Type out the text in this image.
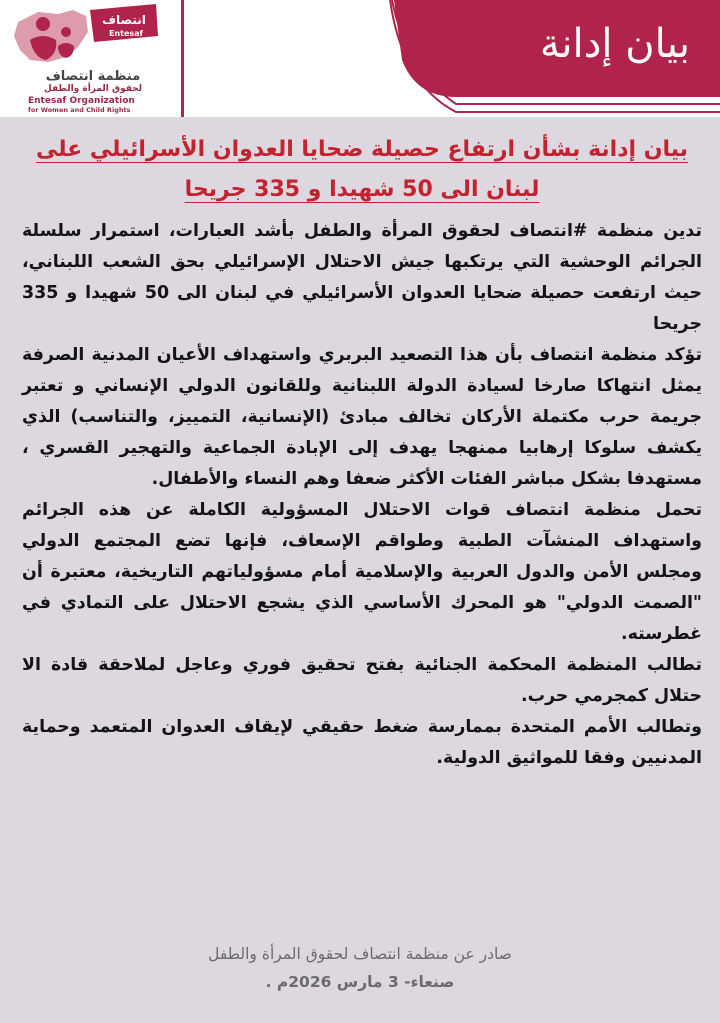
انتصاف
Entesaf
منظمة انتصاف
لحقوق المرأة والطفل
Entesaf Organization
for Women and Child Rights
بيان إدانة
بيان إدانة بشأن ارتفاع حصيلة ضحايا العدوان الأسرائيلي على
لبنان الى 50 شهيدا و 335 جريحا

تدين منظمة #انتصاف لحقوق المرأة والطفل بأشد العبارات، استمرار سلسلة الجرائم الوحشية التي يرتكبها جيش الاحتلال الإسرائيلي بحق الشعب اللبناني، حيث ارتفعت حصيلة ضحايا العدوان الأسرائيلي في لبنان الى 50 شهيدا و 335 جريحا

تؤكد منظمة انتصاف بأن هذا التصعيد البربري واستهداف الأعيان المدنية الصرفة يمثل انتهاكا صارخا لسيادة الدولة اللبنانية وللقانون الدولي الإنساني و تعتبر جريمة حرب مكتملة الأركان تخالف مبادئ (الإنسانية، التمييز، والتناسب) الذي يكشف سلوكا إرهابيا ممنهجا يهدف إلى الإبادة الجماعية والتهجير القسري ، مستهدفا بشكل مباشر الفئات الأكثر ضعفا وهم النساء والأطفال.

تحمل منظمة انتصاف قوات الاحتلال المسؤولية الكاملة عن هذه الجرائم واستهداف المنشآت الطبية وطواقم الإسعاف، فإنها تضع المجتمع الدولي ومجلس الأمن والدول العربية والإسلامية أمام مسؤولياتهم التاريخية، معتبرة أن "الصمت الدولي" هو المحرك الأساسي الذي يشجع الاحتلال على التمادي في غطرسته.

تطالب المنظمة المحكمة الجنائية بفتح تحقيق فوري وعاجل لملاحقة قادة الا حتلال كمجرمي حرب.

وتطالب الأمم المتحدة بممارسة ضغط حقيقي لإيقاف العدوان المتعمد وحماية المدنيين وفقا للمواثيق الدولية.

صادر عن منظمة انتصاف لحقوق المرأة والطفل
صنعاء- 3 مارس 2026م .
